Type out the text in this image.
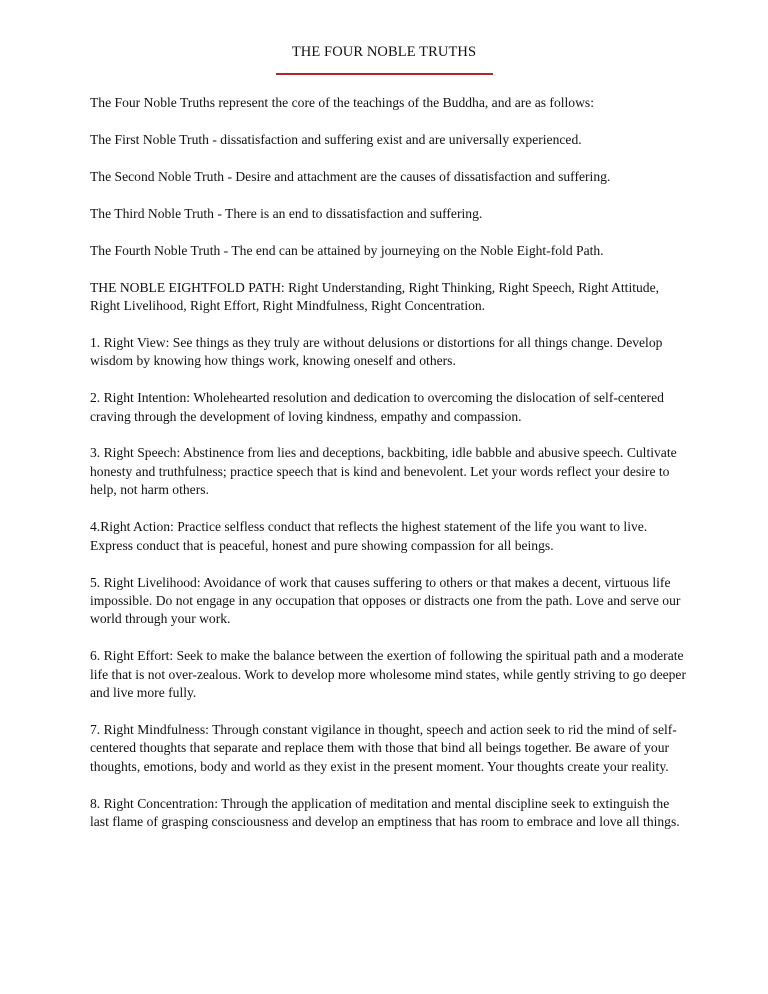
THE FOUR NOBLE TRUTHS

The Four Noble Truths represent the core of the teachings of the Buddha, and are as follows:

The First Noble Truth - dissatisfaction and suffering exist and are universally experienced.

The Second Noble Truth - Desire and attachment are the causes of dissatisfaction and suffering.

The Third Noble Truth - There is an end to dissatisfaction and suffering.

The Fourth Noble Truth - The end can be attained by journeying on the Noble Eight-fold Path.

THE NOBLE EIGHTFOLD PATH: Right Understanding, Right Thinking, Right Speech, Right Attitude, Right Livelihood, Right Effort, Right Mindfulness, Right Concentration.

1. Right View: See things as they truly are without delusions or distortions for all things change. Develop wisdom by knowing how things work, knowing oneself and others.

2. Right Intention: Wholehearted resolution and dedication to overcoming the dislocation of self-centered craving through the development of loving kindness, empathy and compassion.

3. Right Speech: Abstinence from lies and deceptions, backbiting, idle babble and abusive speech. Cultivate honesty and truthfulness; practice speech that is kind and benevolent. Let your words reflect your desire to help, not harm others.

4.Right Action: Practice selfless conduct that reflects the highest statement of the life you want to live. Express conduct that is peaceful, honest and pure showing compassion for all beings.

5. Right Livelihood: Avoidance of work that causes suffering to others or that makes a decent, virtuous life impossible. Do not engage in any occupation that opposes or distracts one from the path. Love and serve our world through your work.

6. Right Effort: Seek to make the balance between the exertion of following the spiritual path and a moderate life that is not over-zealous. Work to develop more wholesome mind states, while gently striving to go deeper and live more fully.

7. Right Mindfulness: Through constant vigilance in thought, speech and action seek to rid the mind of self-centered thoughts that separate and replace them with those that bind all beings together. Be aware of your thoughts, emotions, body and world as they exist in the present moment. Your thoughts create your reality.

8. Right Concentration: Through the application of meditation and mental discipline seek to extinguish the last flame of grasping consciousness and develop an emptiness that has room to embrace and love all things.
